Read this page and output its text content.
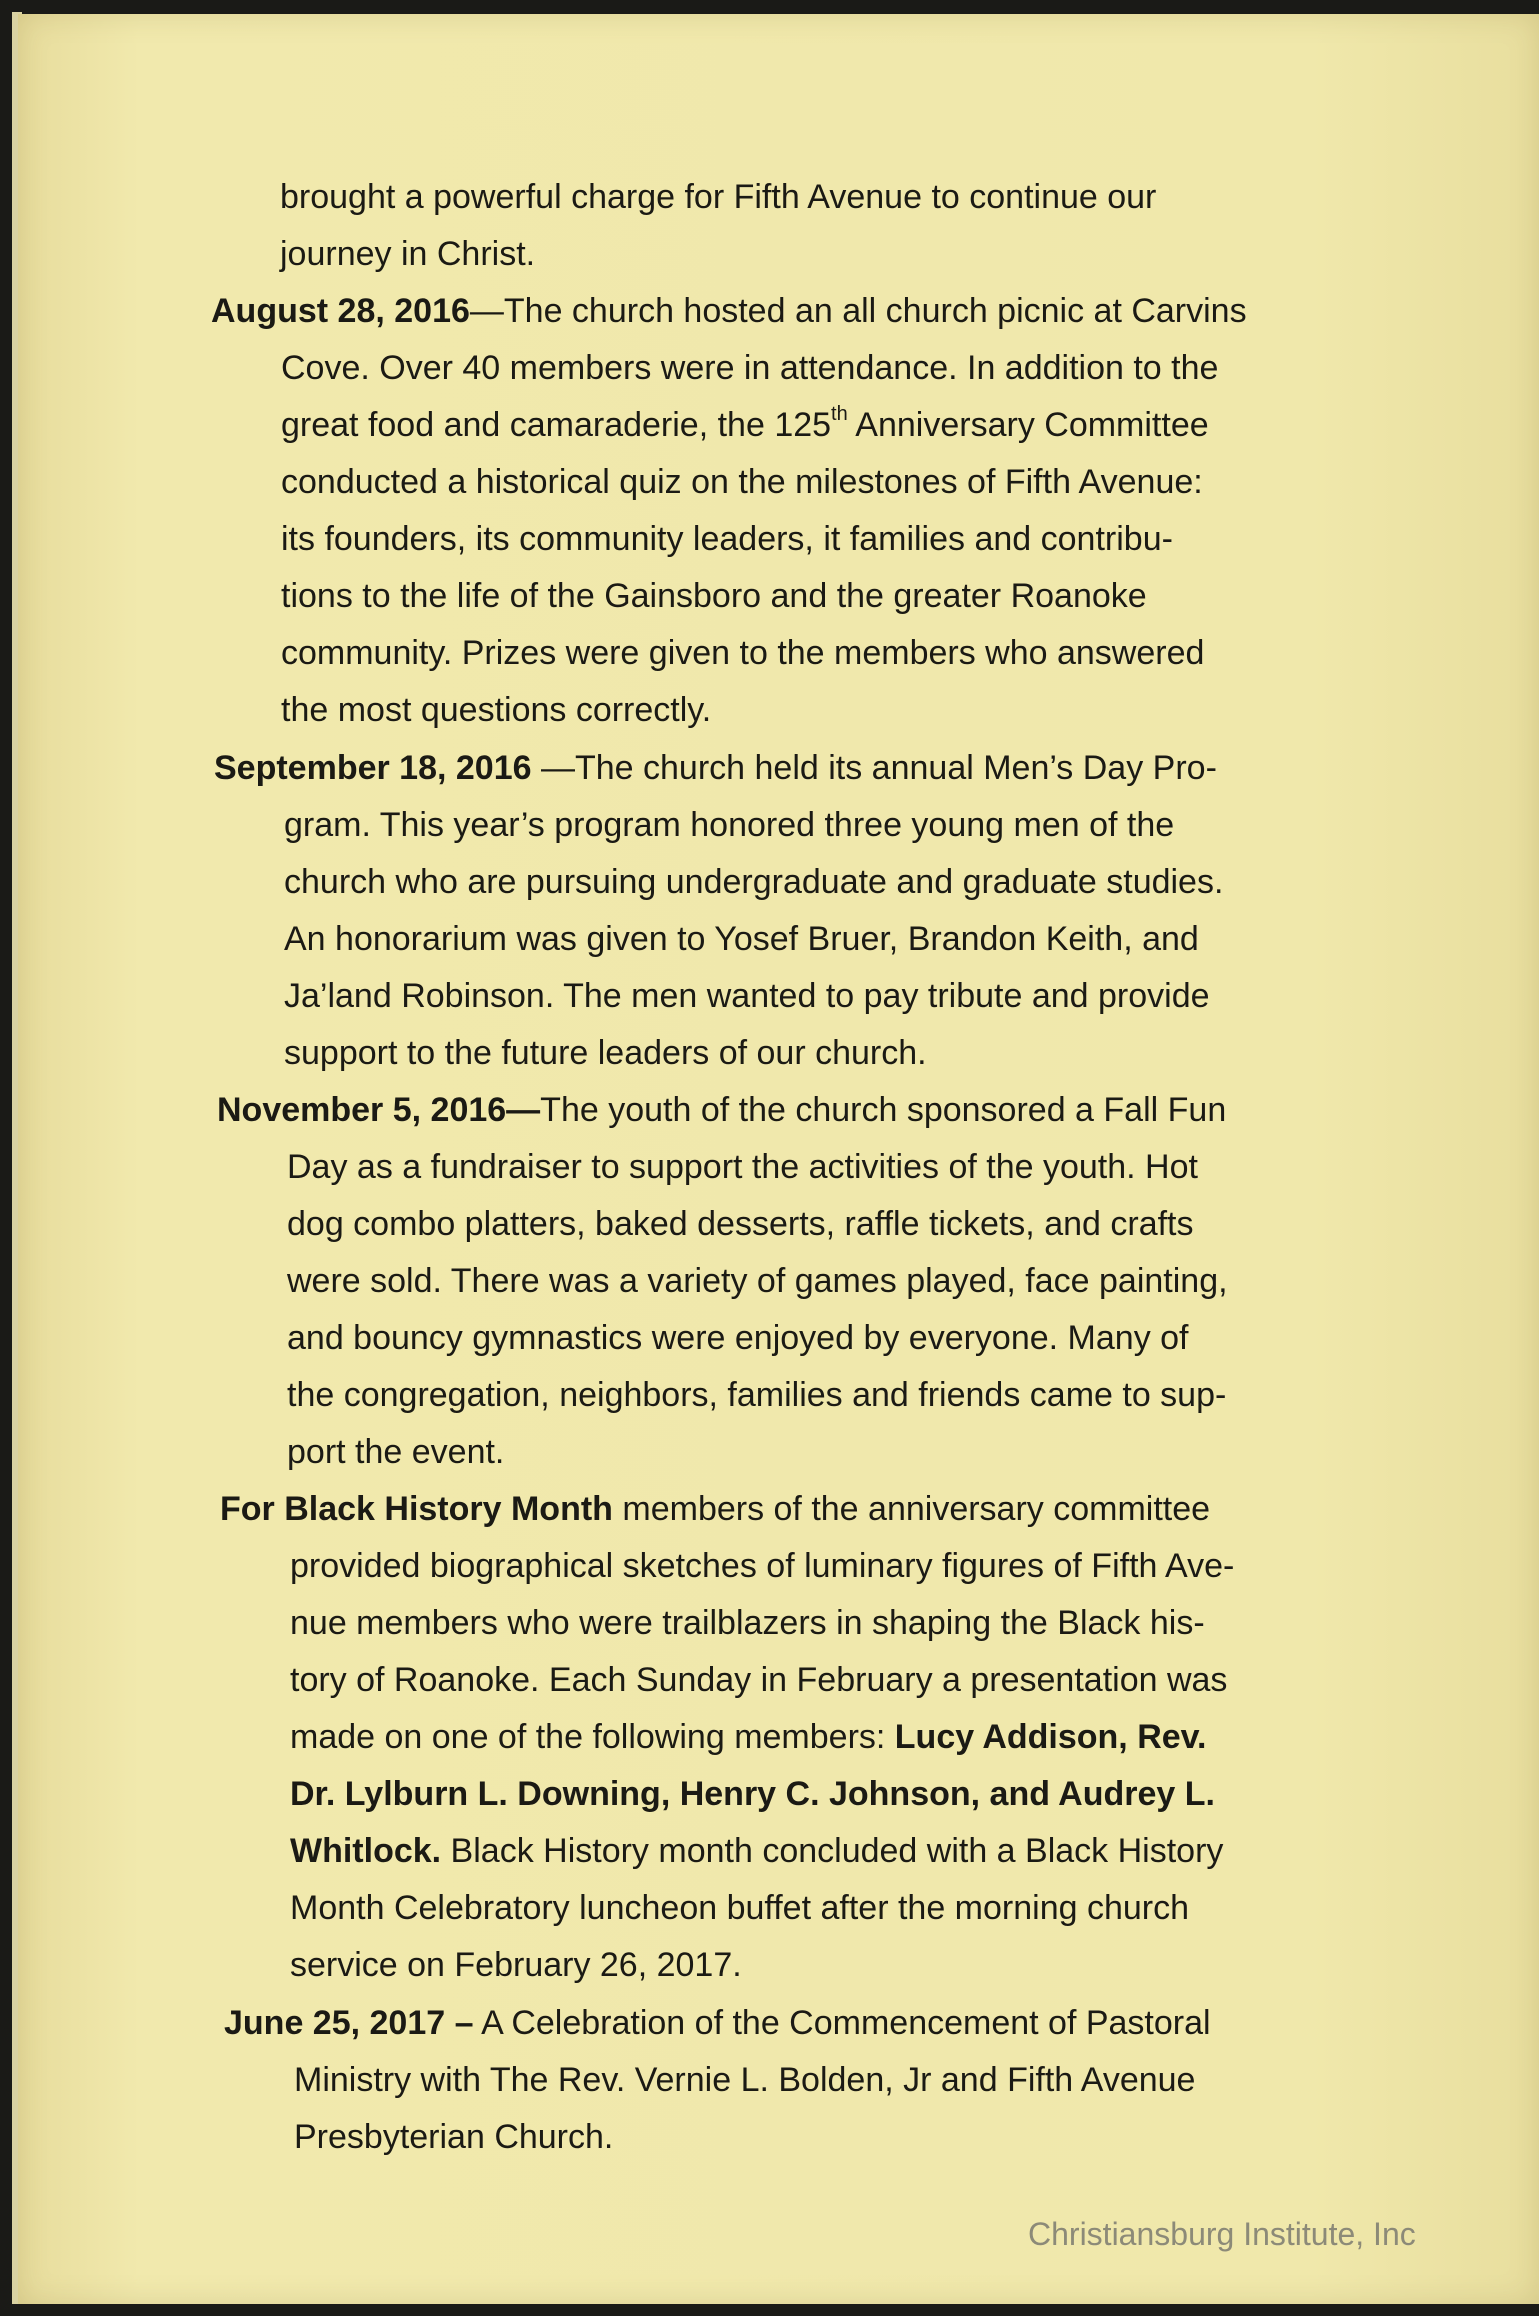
brought a powerful charge for Fifth Avenue to continue our
journey in Christ.
August 28, 2016—The church hosted an all church picnic at Carvins
Cove. Over 40 members were in attendance. In addition to the
great food and camaraderie, the 125th Anniversary Committee
conducted a historical quiz on the milestones of Fifth Avenue:
its founders, its community leaders, it families and contribu-
tions to the life of the Gainsboro and the greater Roanoke
community. Prizes were given to the members who answered
the most questions correctly.
September 18, 2016 —The church held its annual Men’s Day Pro-
gram. This year’s program honored three young men of the
church who are pursuing undergraduate and graduate studies.
An honorarium was given to Yosef Bruer, Brandon Keith, and
Ja’land Robinson. The men wanted to pay tribute and provide
support to the future leaders of our church.
November 5, 2016—The youth of the church sponsored a Fall Fun
Day as a fundraiser to support the activities of the youth. Hot
dog combo platters, baked desserts, raffle tickets, and crafts
were sold. There was a variety of games played, face painting,
and bouncy gymnastics were enjoyed by everyone. Many of
the congregation, neighbors, families and friends came to sup-
port the event.
For Black History Month members of the anniversary committee
provided biographical sketches of luminary figures of Fifth Ave-
nue members who were trailblazers in shaping the Black his-
tory of Roanoke. Each Sunday in February a presentation was
made on one of the following members: Lucy Addison, Rev.
Dr. Lylburn L. Downing, Henry C. Johnson, and Audrey L.
Whitlock. Black History month concluded with a Black History
Month Celebratory luncheon buffet after the morning church
service on February 26, 2017.
June 25, 2017 – A Celebration of the Commencement of Pastoral
Ministry with The Rev. Vernie L. Bolden, Jr and Fifth Avenue
Presbyterian Church.
Christiansburg Institute, Inc
